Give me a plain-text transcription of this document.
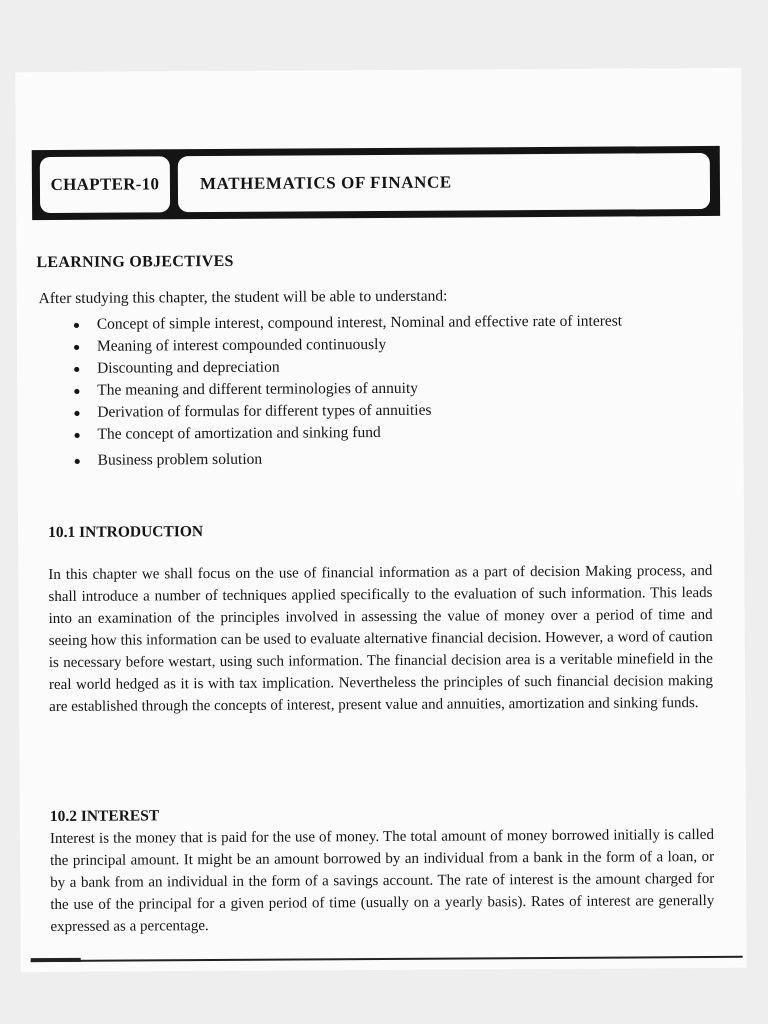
CHAPTER-10	MATHEMATICS OF FINANCE
LEARNING OBJECTIVES
After studying this chapter, the student will be able to understand:
● Concept of simple interest, compound interest, Nominal and effective rate of interest
● Meaning of interest compounded continuously
● Discounting and depreciation
● The meaning and different terminologies of annuity
● Derivation of formulas for different types of annuities
● The concept of amortization and sinking fund
● Business problem solution
10.1 INTRODUCTION

In this chapter we shall focus on the use of financial information as a part of decision Making process, and shall introduce a number of techniques applied specifically to the evaluation of such information. This leads into an examination of the principles involved in assessing the value of money over a period of time and seeing how this information can be used to evaluate alternative financial decision. However, a word of caution is necessary before westart, using such information. The financial decision area is a veritable minefield in the real world hedged as it is with tax implication. Nevertheless the principles of such financial decision making are established through the concepts of interest, present value and annuities, amortization and sinking funds.

10.2 INTEREST

Interest is the money that is paid for the use of money. The total amount of money borrowed initially is called the principal amount. It might be an amount borrowed by an individual from a bank in the form of a loan, or by a bank from an individual in the form of a savings account. The rate of interest is the amount charged for the use of the principal for a given period of time (usually on a yearly basis). Rates of interest are generally expressed as a percentage.
